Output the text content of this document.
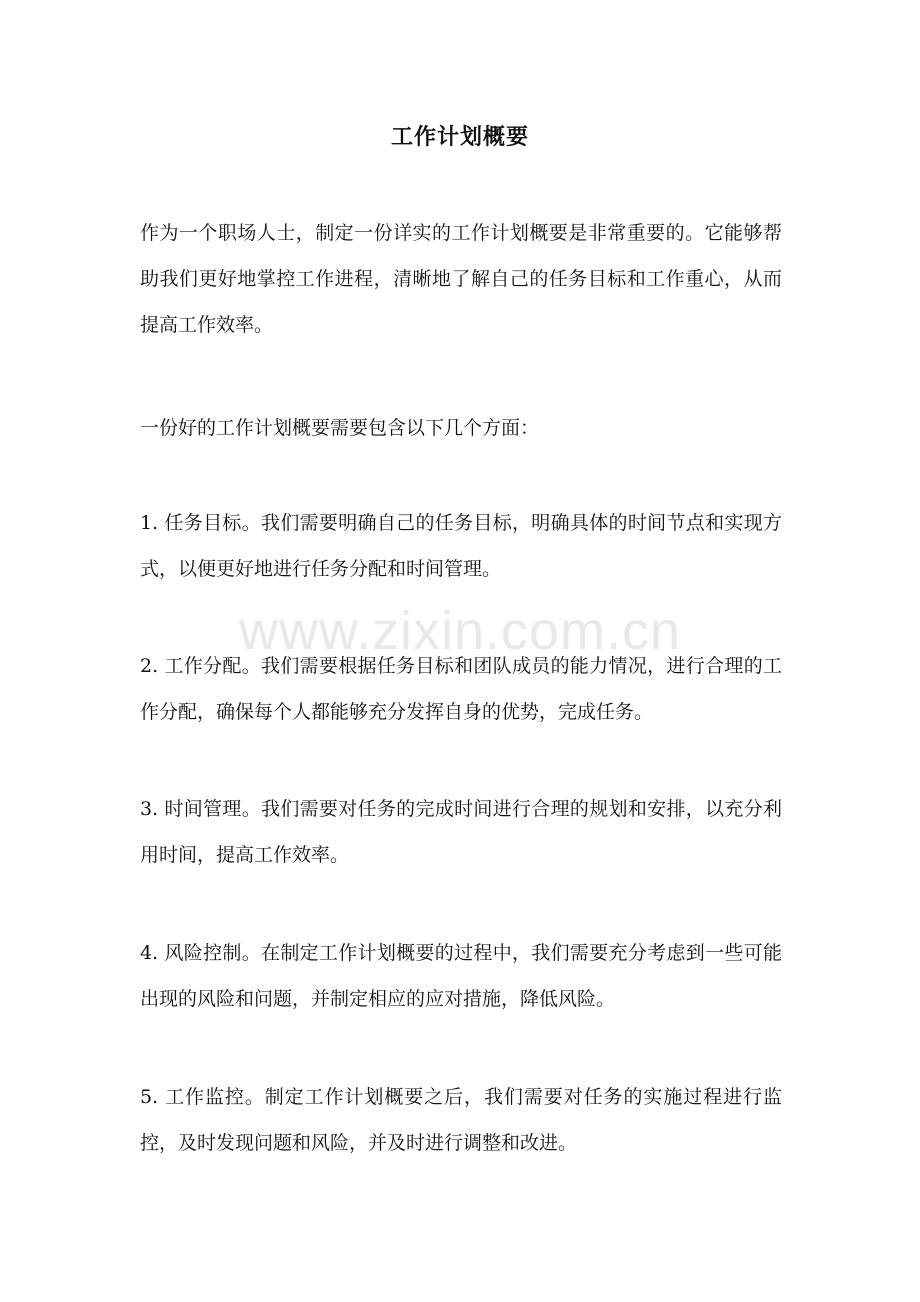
工作计划概要

作为一个职场人士，制定一份详实的工作计划概要是非常重要的。它能够帮助我们更好地掌控工作进程，清晰地了解自己的任务目标和工作重心，从而提高工作效率。

一份好的工作计划概要需要包含以下几个方面：

1. 任务目标。我们需要明确自己的任务目标，明确具体的时间节点和实现方式，以便更好地进行任务分配和时间管理。

2. 工作分配。我们需要根据任务目标和团队成员的能力情况，进行合理的工作分配，确保每个人都能够充分发挥自身的优势，完成任务。

3. 时间管理。我们需要对任务的完成时间进行合理的规划和安排，以充分利用时间，提高工作效率。

4. 风险控制。在制定工作计划概要的过程中，我们需要充分考虑到一些可能出现的风险和问题，并制定相应的应对措施，降低风险。

5. 工作监控。制定工作计划概要之后，我们需要对任务的实施过程进行监控，及时发现问题和风险，并及时进行调整和改进。

www.zixin.com.cn
